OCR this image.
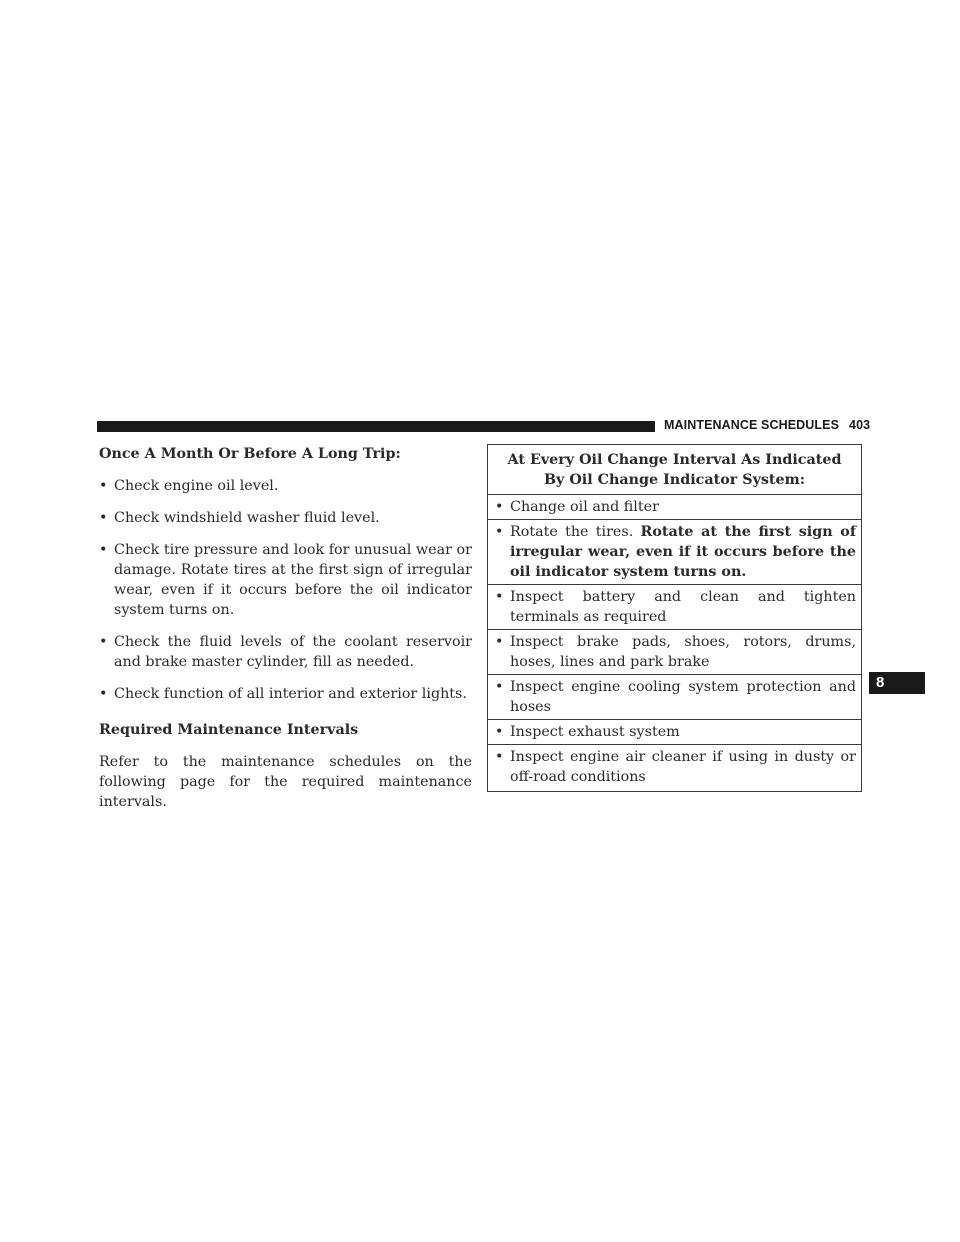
MAINTENANCE SCHEDULES 403
8

Once A Month Or Before A Long Trip:

• Check engine oil level.
• Check windshield washer fluid level.
• Check tire pressure and look for unusual wear or damage. Rotate tires at the first sign of irregular wear, even if it occurs before the oil indicator system turns on.
• Check the fluid levels of the coolant reservoir and brake master cylinder, fill as needed.
• Check function of all interior and exterior lights.

Required Maintenance Intervals

Refer to the maintenance schedules on the following page for the required maintenance intervals.

At Every Oil Change Interval As Indicated By Oil Change Indicator System:
• Change oil and filter
• Rotate the tires. Rotate at the first sign of irregular wear, even if it occurs before the oil indicator system turns on.
• Inspect battery and clean and tighten terminals as required
• Inspect brake pads, shoes, rotors, drums, hoses, lines and park brake
• Inspect engine cooling system protection and hoses
• Inspect exhaust system
• Inspect engine air cleaner if using in dusty or off-road conditions
